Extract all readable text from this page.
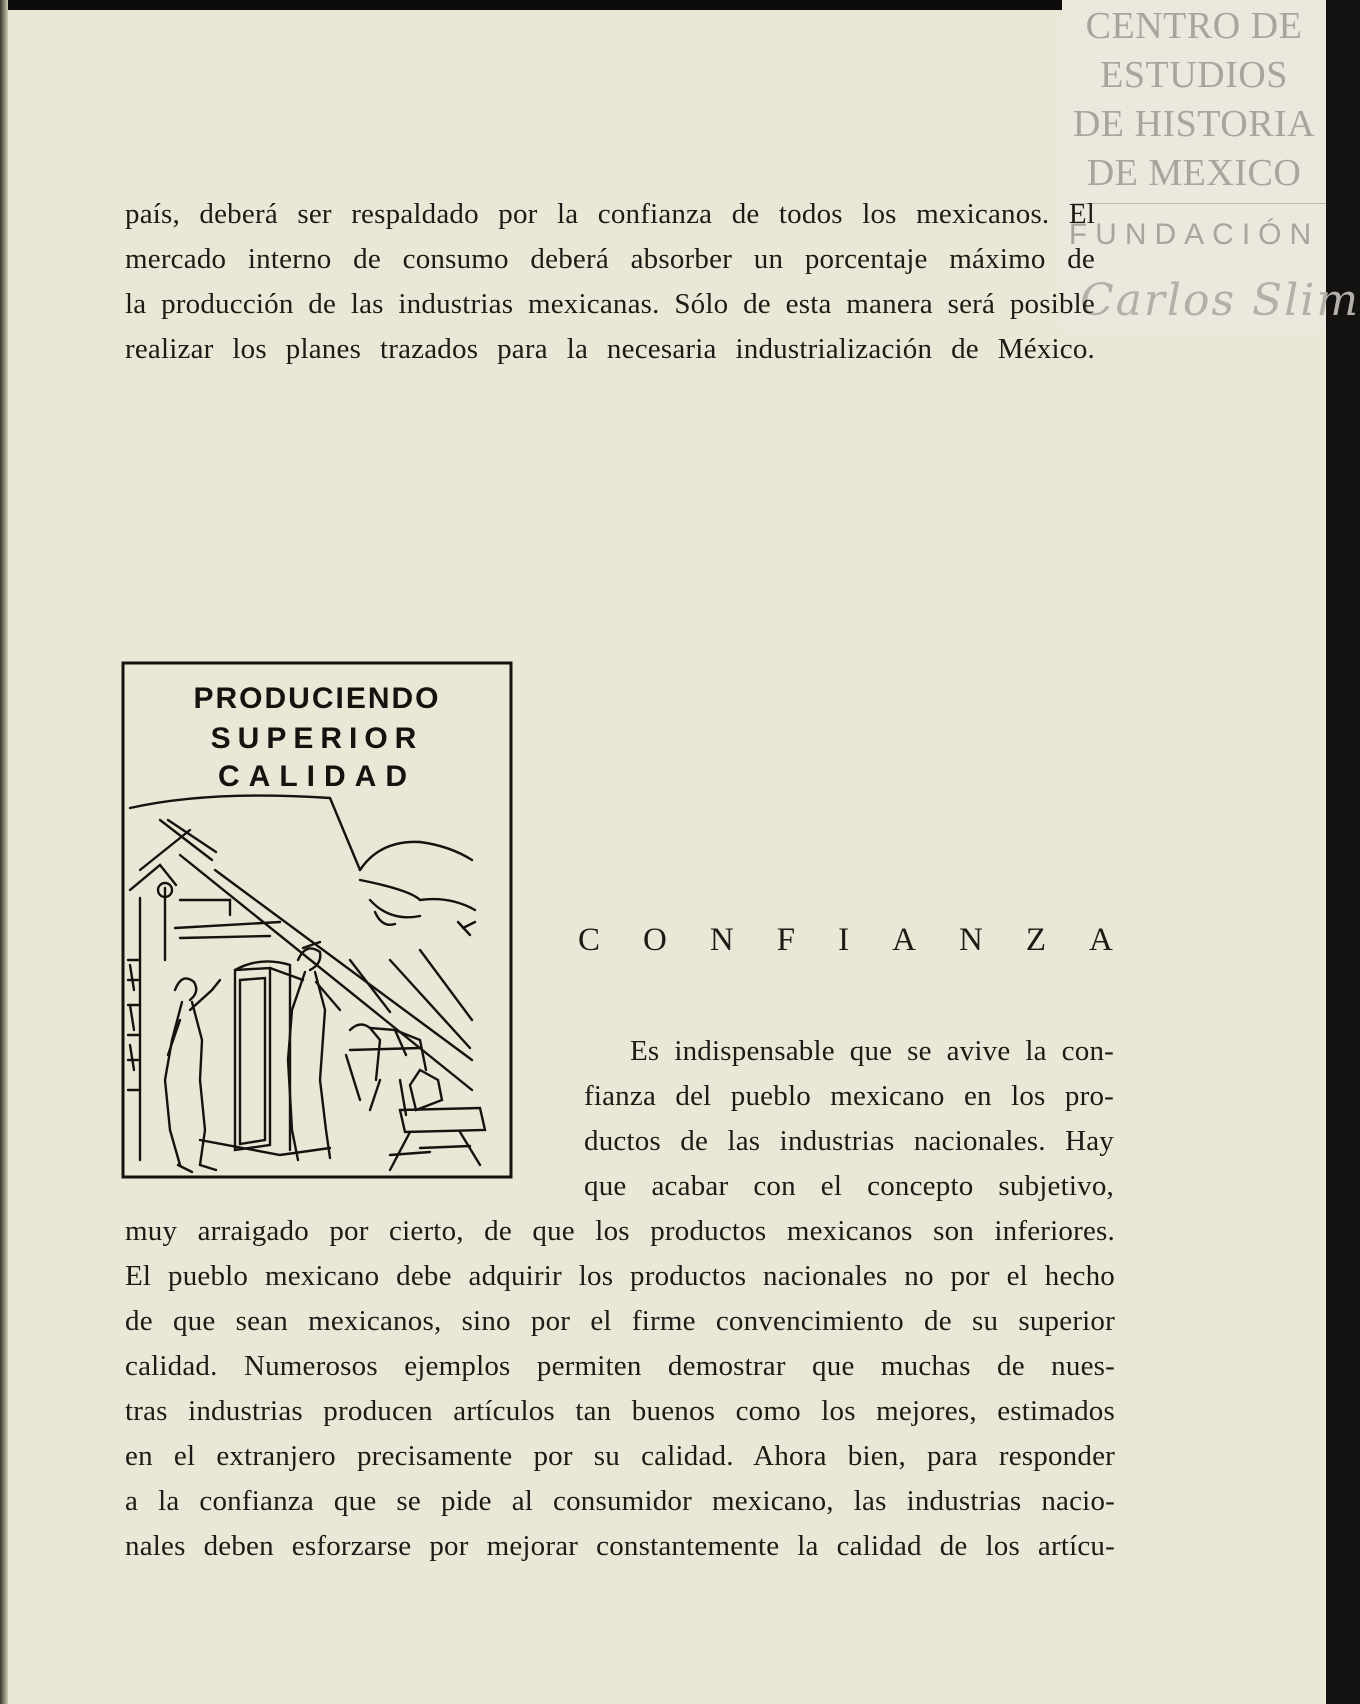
CENTRO DE
ESTUDIOS
DE HISTORIA
DE MEXICO
FUNDACIÓN
Carlos Slim
país, deberá ser respaldado por la confianza de todos los mexicanos. El
mercado interno de consumo deberá absorber un porcentaje máximo de
la producción de las industrias mexicanas. Sólo de esta manera será posible
realizar los planes trazados para la necesaria industrialización de México.
PRODUCIENDO
SUPERIOR
CALIDAD
C O N F I A N Z A
Es indispensable que se avive la con-
fianza del pueblo mexicano en los pro-
ductos de las industrias nacionales. Hay
que acabar con el concepto subjetivo,
muy arraigado por cierto, de que los productos mexicanos son inferiores.
El pueblo mexicano debe adquirir los productos nacionales no por el hecho
de que sean mexicanos, sino por el firme convencimiento de su superior
calidad. Numerosos ejemplos permiten demostrar que muchas de nues-
tras industrias producen artículos tan buenos como los mejores, estimados
en el extranjero precisamente por su calidad. Ahora bien, para responder
a la confianza que se pide al consumidor mexicano, las industrias nacio-
nales deben esforzarse por mejorar constantemente la calidad de los artícu-
